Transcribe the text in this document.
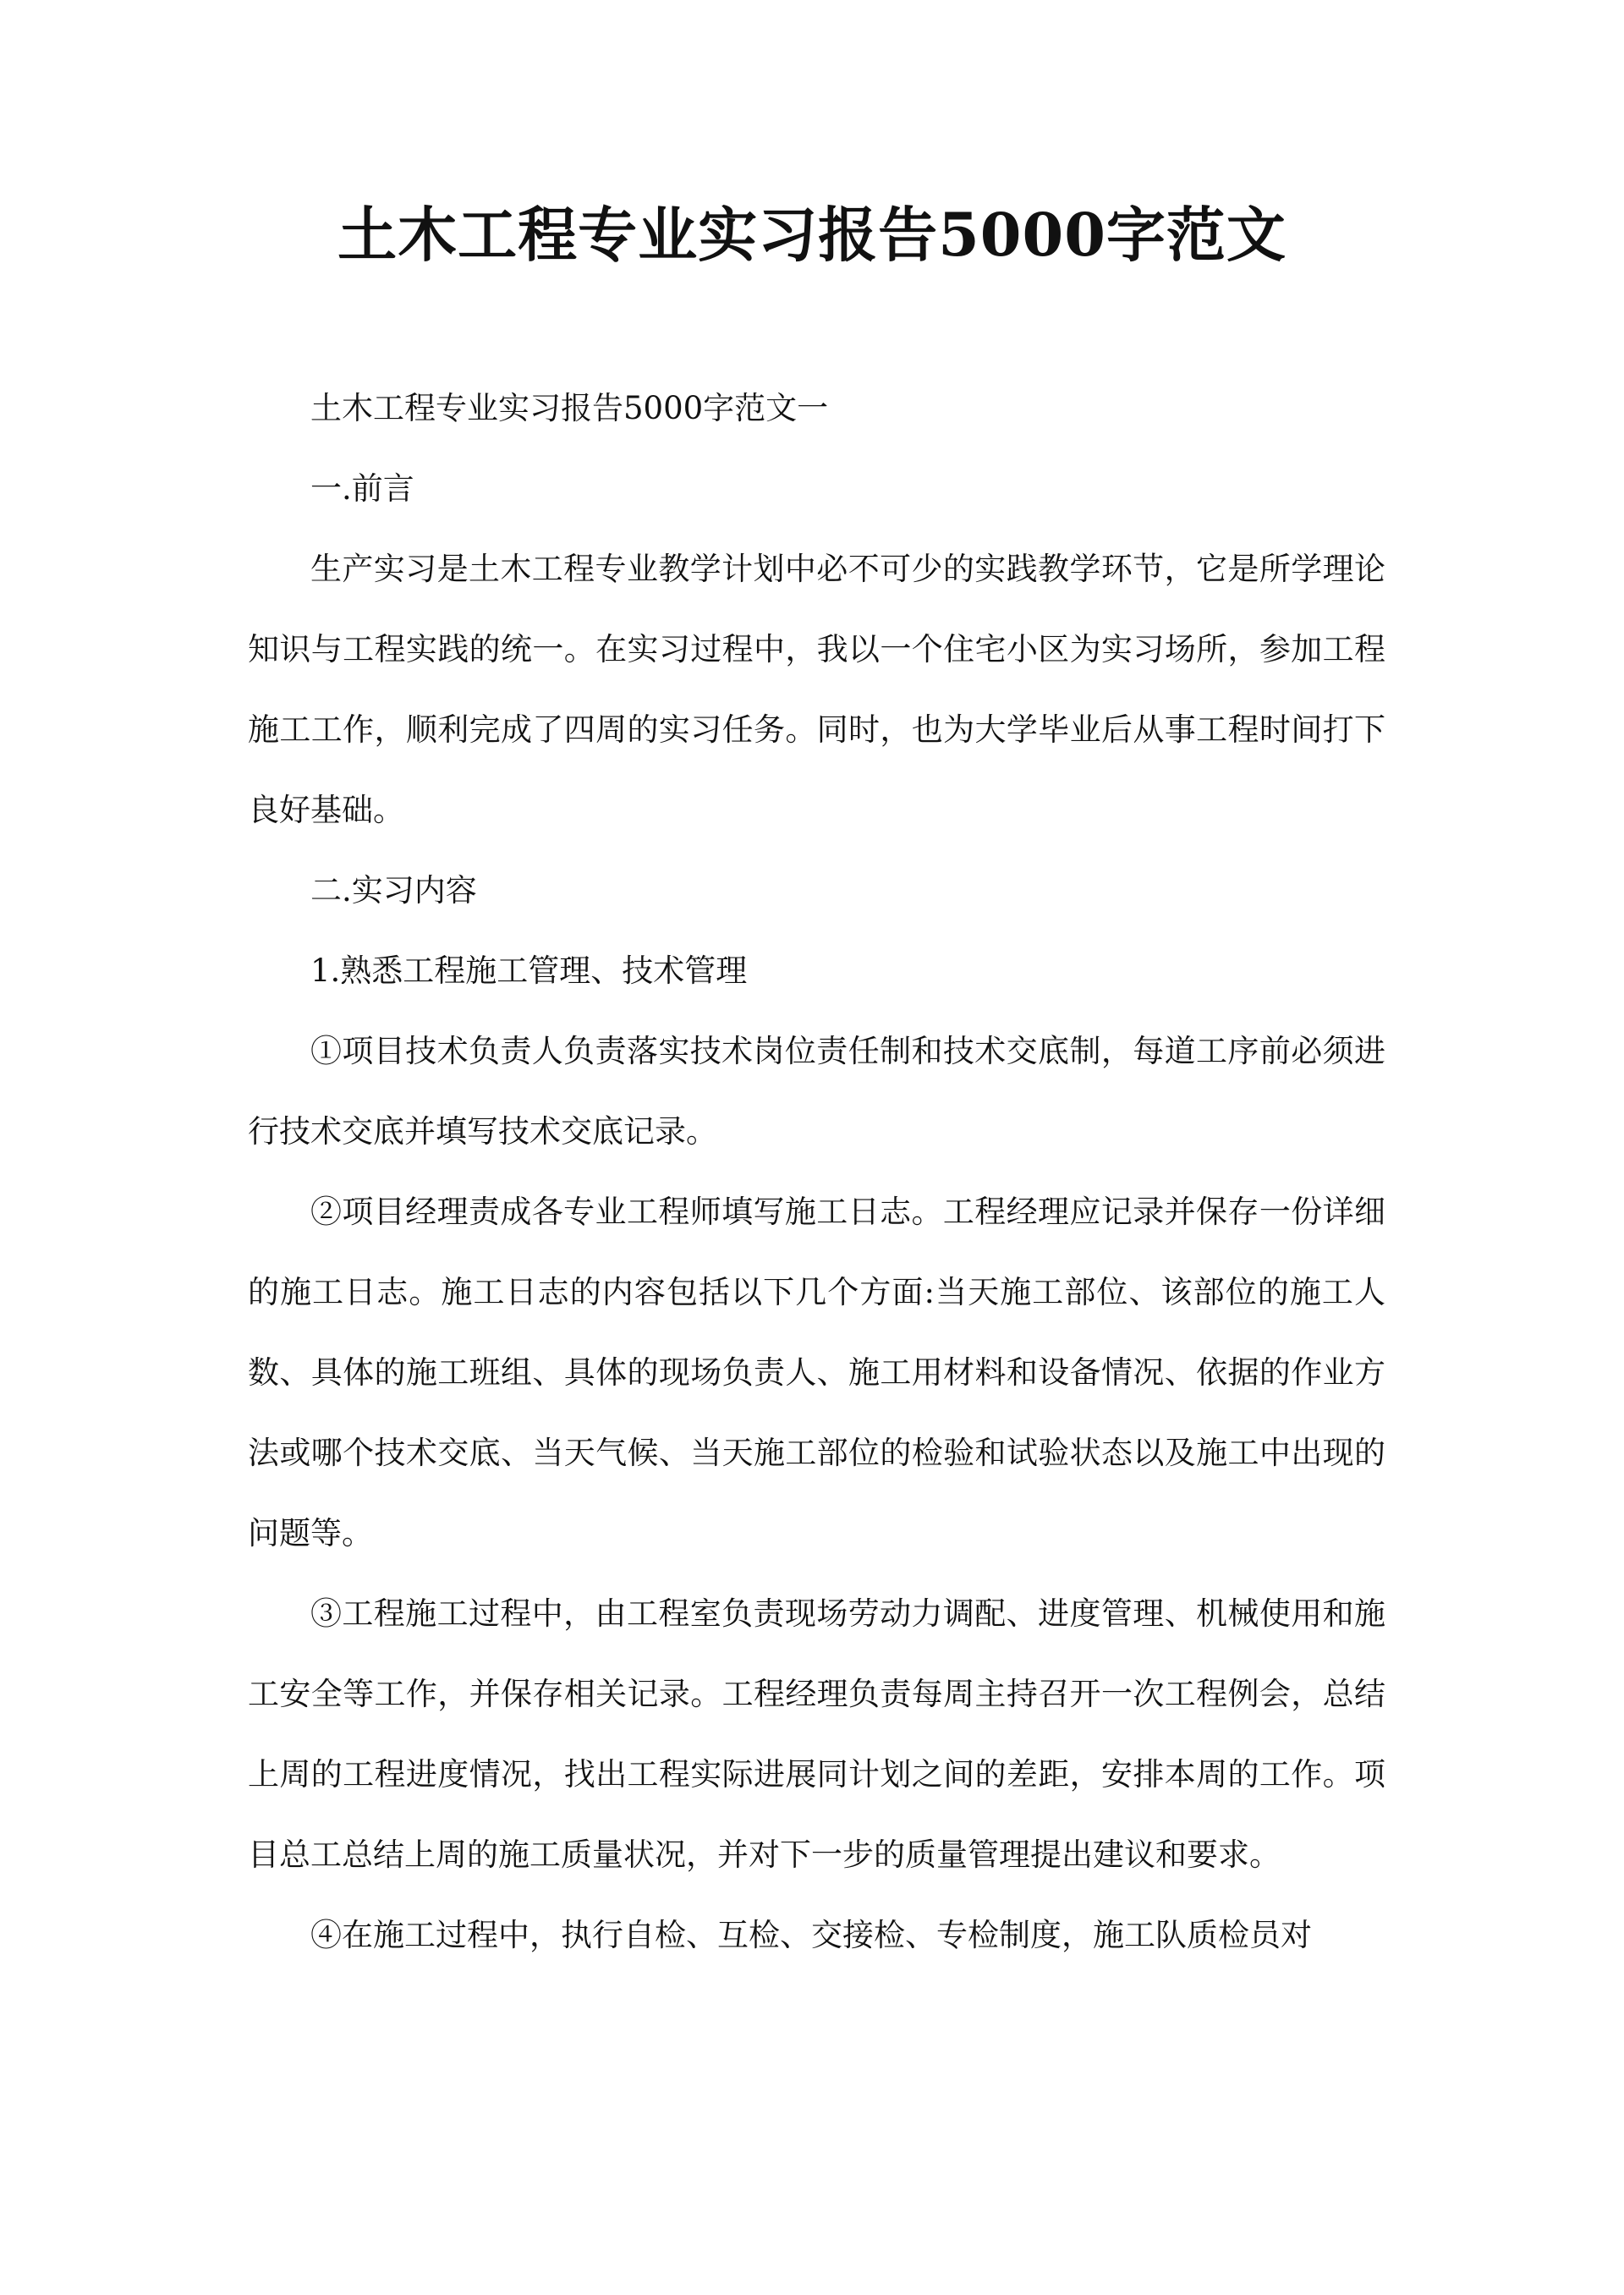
土木工程专业实习报告5000字范文

土木工程专业实习报告5000字范文一

一.前言

生产实习是土木工程专业教学计划中必不可少的实践教学环节，它是所学理论知识与工程实践的统一。在实习过程中，我以一个住宅小区为实习场所，参加工程施工工作，顺利完成了四周的实习任务。同时，也为大学毕业后从事工程时间打下良好基础。

二.实习内容

1.熟悉工程施工管理、技术管理

①项目技术负责人负责落实技术岗位责任制和技术交底制，每道工序前必须进行技术交底并填写技术交底记录。

②项目经理责成各专业工程师填写施工日志。工程经理应记录并保存一份详细的施工日志。施工日志的内容包括以下几个方面:当天施工部位、该部位的施工人数、具体的施工班组、具体的现场负责人、施工用材料和设备情况、依据的作业方法或哪个技术交底、当天气候、当天施工部位的检验和试验状态以及施工中出现的问题等。

③工程施工过程中，由工程室负责现场劳动力调配、进度管理、机械使用和施工安全等工作，并保存相关记录。工程经理负责每周主持召开一次工程例会，总结上周的工程进度情况，找出工程实际进展同计划之间的差距，安排本周的工作。项目总工总结上周的施工质量状况，并对下一步的质量管理提出建议和要求。

④在施工过程中，执行自检、互检、交接检、专检制度，施工队质检员对
